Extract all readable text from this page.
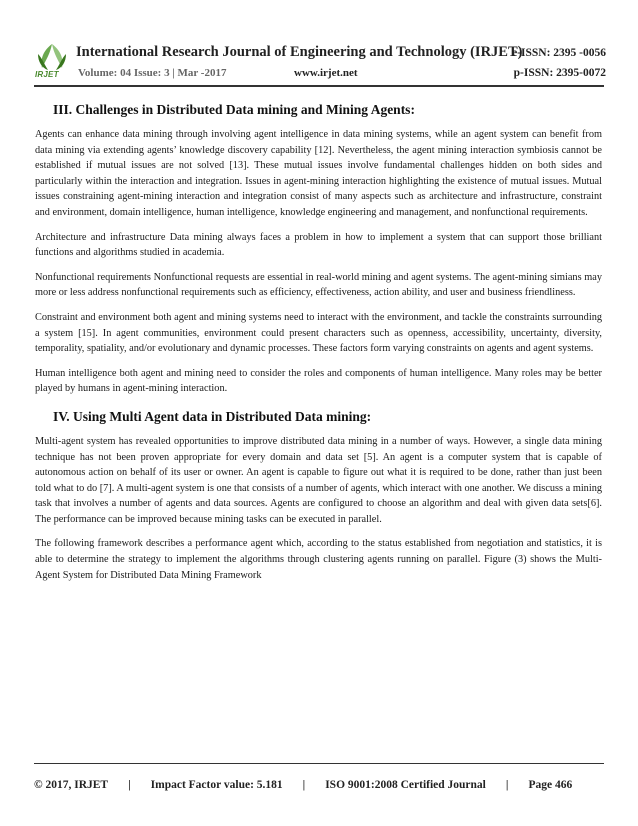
IRJET
International Research Journal of Engineering and Technology (IRJET)
e-ISSN: 2395 -0056
Volume: 04 Issue: 3 | Mar -2017	www.irjet.net	p-ISSN: 2395-0072
III. Challenges in Distributed Data mining and Mining Agents:

Agents can enhance data mining through involving agent intelligence in data mining systems, while an agent system can benefit from data mining via extending agents’ knowledge discovery capability [12]. Nevertheless, the agent mining interaction symbiosis cannot be established if mutual issues are not solved [13]. These mutual issues involve fundamental challenges hidden on both sides and particularly within the interaction and integration. Issues in agent-mining interaction highlighting the existence of mutual issues. Mutual issues constraining agent-mining interaction and integration consist of many aspects such as architecture and infrastructure, constraint and environment, domain intelligence, human intelligence, knowledge engineering and management, and nonfunctional requirements.

Architecture and infrastructure Data mining always faces a problem in how to implement a system that can support those brilliant functions and algorithms studied in academia.

Nonfunctional requirements Nonfunctional requests are essential in real-world mining and agent systems. The agent-mining simians may more or less address nonfunctional requirements such as efficiency, effectiveness, action ability, and user and business friendliness.

Constraint and environment both agent and mining systems need to interact with the environment, and tackle the constraints surrounding a system [15]. In agent communities, environment could present characters such as openness, accessibility, uncertainty, diversity, temporality, spatiality, and/or evolutionary and dynamic processes. These factors form varying constraints on agents and agent systems.

Human intelligence both agent and mining need to consider the roles and components of human intelligence. Many roles may be better played by humans in agent-mining interaction.

IV. Using Multi Agent data in Distributed Data mining:

Multi-agent system has revealed opportunities to improve distributed data mining in a number of ways. However, a single data mining technique has not been proven appropriate for every domain and data set [5]. An agent is a computer system that is capable of autonomous action on behalf of its user or owner. An agent is capable to figure out what it is required to be done, rather than just been told what to do [7]. A multi-agent system is one that consists of a number of agents, which interact with one another. We discuss a mining task that involves a number of agents and data sources. Agents are configured to choose an algorithm and deal with given data sets[6]. The performance can be improved because mining tasks can be executed in parallel.

The following framework describes a performance agent which, according to the status established from negotiation and statistics, it is able to determine the strategy to implement the algorithms through clustering agents running on parallel. Figure (3) shows the Multi-Agent System for Distributed Data Mining Framework

© 2017, IRJET | Impact Factor value: 5.181 | ISO 9001:2008 Certified Journal | Page 466
